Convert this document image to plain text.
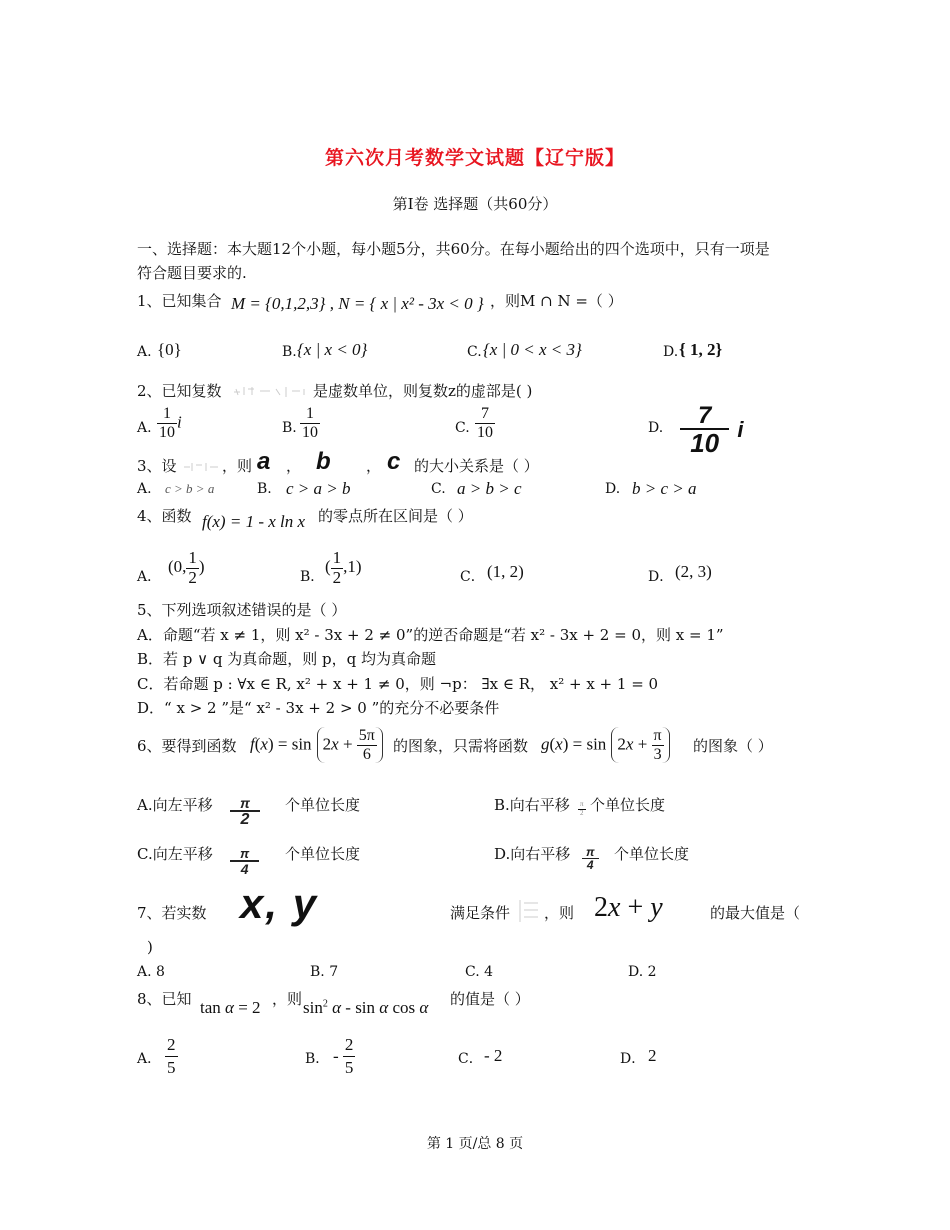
第六次月考数学文试题【辽宁版】
第Ⅰ卷 选择题（共60分）
一、选择题：本大题12个小题，每小题5分，共60分。在每小题给出的四个选项中，只有一项是
符合题目要求的.
1、已知集合 M = {0,1,2,3} , N = { x | x² - 3x < 0 } ，则M ∩ N =（ ）
A. {0}	B. {x | x < 0}	C. {x | 0 < x < 3}	D. { 1, 2}
2、已知复数	是虚数单位，则复数z的虚部是( )
A. $\frac{1}{10}$ i	B. $\frac{1}{10}$	C. $\frac{7}{10}$	D. $\frac{7}{10}$ i
3、设	，则 a ， b ， c 的大小关系是（ ）
A. c > b > a	B. c > a > b	C. a > b > c	D. b > c > a
4、函数 f(x) = 1 - x ln x 的零点所在区间是（ ）
A．
(0, $\frac{1}{2}$ )
B．
( $\frac{1}{2} ,1$)
C． (1, 2)	D． (2, 3)
5、下列选项叙述错误的是（ ）
A．命题“若 x ≠ 1，则 x² - 3x + 2 ≠ 0”的逆否命题是“若 x² - 3x + 2 = 0，则 x = 1”
B．若 p ∨ q 为真命题，则 p，q 均为真命题
C．若命题 p : ∀x ∈ R, x² + x + 1 ≠ 0，则 ¬p： ∃x ∈ R， x² + x + 1 = 0
D．“ x > 2 ”是“ x² - 3x + 2 > 0 ”的充分不必要条件
6、要得到函数 $f(x) = \sin 2x + \frac{5\pi}{6}$ 的图象，只需将函数 $g(x) = \sin 2x + \frac{\pi}{3}$ 的图象（ ）
A.向左平移 $\frac{\pi}{2}$ 个单位长度	B.向右平移 $\frac{\pi}{2}$ 个单位长度
C.向左平移 $\frac{\pi}{4}$ 个单位长度	D.向右平移 $\frac{\pi}{4}$ 个单位长度
7、若实数 x, y	满足条件 ，则 2x + y	的最大值是（
)
A. 8	B. 7	C. 4	D. 2
8、已知 tan α = 2 ，则 $\sin^2 \alpha$ - sin α cos α 的值是（ ）
A． $\frac{2}{5}$	B． - $\frac{2}{5}$	C． - 2	D． 2
第 1 页/总 8 页
